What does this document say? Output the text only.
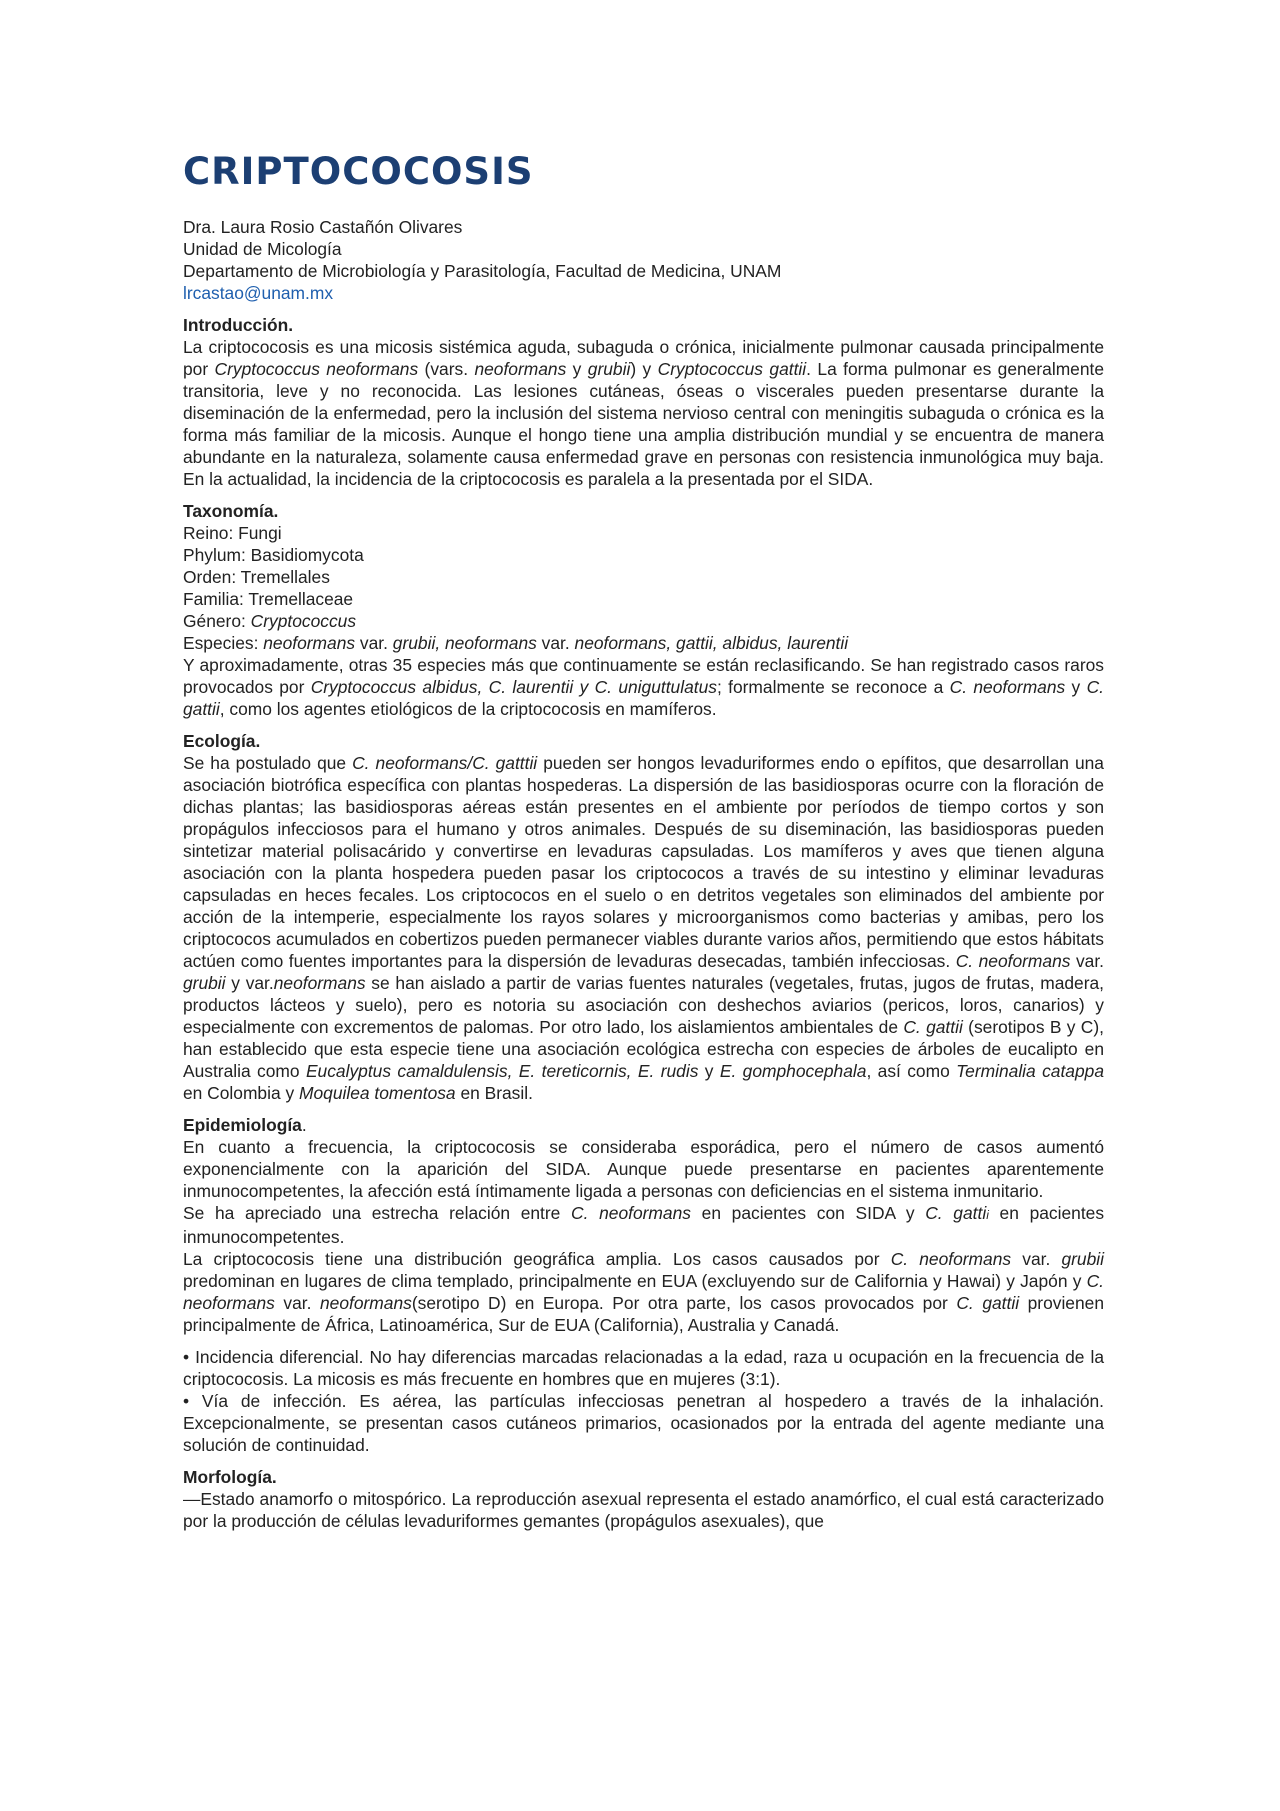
CRIPTOCOCOSIS

Dra. Laura Rosio Castañón Olivares

Unidad de Micología

Departamento de Microbiología y Parasitología, Facultad de Medicina, UNAM

lrcastao@unam.mx

Introducción.

La criptococosis es una micosis sistémica aguda, subaguda o crónica, inicialmente pulmonar causada principalmente por Cryptococcus neoformans (vars. neoformans y grubii) y Cryptococcus gattii. La forma pulmonar es generalmente transitoria, leve y no reconocida. Las lesiones cutáneas, óseas o viscerales pueden presentarse durante la diseminación de la enfermedad, pero la inclusión del sistema nervioso central con meningitis subaguda o crónica es la forma más familiar de la micosis. Aunque el hongo tiene una amplia distribución mundial y se encuentra de manera abundante en la naturaleza, solamente causa enfermedad grave en personas con resistencia inmunológica muy baja. En la actualidad, la incidencia de la criptococosis es paralela a la presentada por el SIDA.

Taxonomía.

Reino: Fungi

Phylum: Basidiomycota

Orden: Tremellales

Familia: Tremellaceae

Género: Cryptococcus

Especies: neoformans var. grubii, neoformans var. neoformans, gattii, albidus, laurentii

Y aproximadamente, otras 35 especies más que continuamente se están reclasificando. Se han registrado casos raros provocados por Cryptococcus albidus, C. laurentii y C. uniguttulatus; formalmente se reconoce a C. neoformans y C. gattii, como los agentes etiológicos de la criptococosis en mamíferos.

Ecología.

Se ha postulado que C. neoformans/C. gatttii pueden ser hongos levaduriformes endo o epífitos, que desarrollan una asociación biotrófica específica con plantas hospederas. La dispersión de las basidiosporas ocurre con la floración de dichas plantas; las basidiosporas aéreas están presentes en el ambiente por períodos de tiempo cortos y son propágulos infecciosos para el humano y otros animales. Después de su diseminación, las basidiosporas pueden sintetizar material polisacárido y convertirse en levaduras capsuladas. Los mamíferos y aves que tienen alguna asociación con la planta hospedera pueden pasar los criptococos a través de su intestino y eliminar levaduras capsuladas en heces fecales. Los criptococos en el suelo o en detritos vegetales son eliminados del ambiente por acción de la intemperie, especialmente los rayos solares y microorganismos como bacterias y amibas, pero los criptococos acumulados en cobertizos pueden permanecer viables durante varios años, permitiendo que estos hábitats actúen como fuentes importantes para la dispersión de levaduras desecadas, también infecciosas. C. neoformans var. grubii y var.neoformans se han aislado a partir de varias fuentes naturales (vegetales, frutas, jugos de frutas, madera, productos lácteos y suelo), pero es notoria su asociación con deshechos aviarios (pericos, loros, canarios) y especialmente con excrementos de palomas. Por otro lado, los aislamientos ambientales de C. gattii (serotipos B y C), han establecido que esta especie tiene una asociación ecológica estrecha con especies de árboles de eucalipto en Australia como Eucalyptus camaldulensis, E. tereticornis, E. rudis y E. gomphocephala, así como Terminalia catappa en Colombia y Moquilea tomentosa en Brasil.

Epidemiología.

En cuanto a frecuencia, la criptococosis se consideraba esporádica, pero el número de casos aumentó exponencialmente con la aparición del SIDA. Aunque puede presentarse en pacientes aparentemente inmunocompetentes, la afección está íntimamente ligada a personas con deficiencias en el sistema inmunitario.

Se ha apreciado una estrecha relación entre C. neoformans en pacientes con SIDA y C. gattii en pacientes inmunocompetentes.

La criptococosis tiene una distribución geográfica amplia. Los casos causados por C. neoformans var. grubii predominan en lugares de clima templado, principalmente en EUA (excluyendo sur de California y Hawai) y Japón y C. neoformans var. neoformans(serotipo D) en Europa. Por otra parte, los casos provocados por C. gattii provienen principalmente de África, Latinoamérica, Sur de EUA (California), Australia y Canadá.

• Incidencia diferencial. No hay diferencias marcadas relacionadas a la edad, raza u ocupación en la frecuencia de la criptococosis. La micosis es más frecuente en hombres que en mujeres (3:1).

• Vía de infección. Es aérea, las partículas infecciosas penetran al hospedero a través de la inhalación. Excepcionalmente, se presentan casos cutáneos primarios, ocasionados por la entrada del agente mediante una solución de continuidad.

Morfología.

—Estado anamorfo o mitospórico. La reproducción asexual representa el estado anamórfico, el cual está caracterizado por la producción de células levaduriformes gemantes (propágulos asexuales), que
